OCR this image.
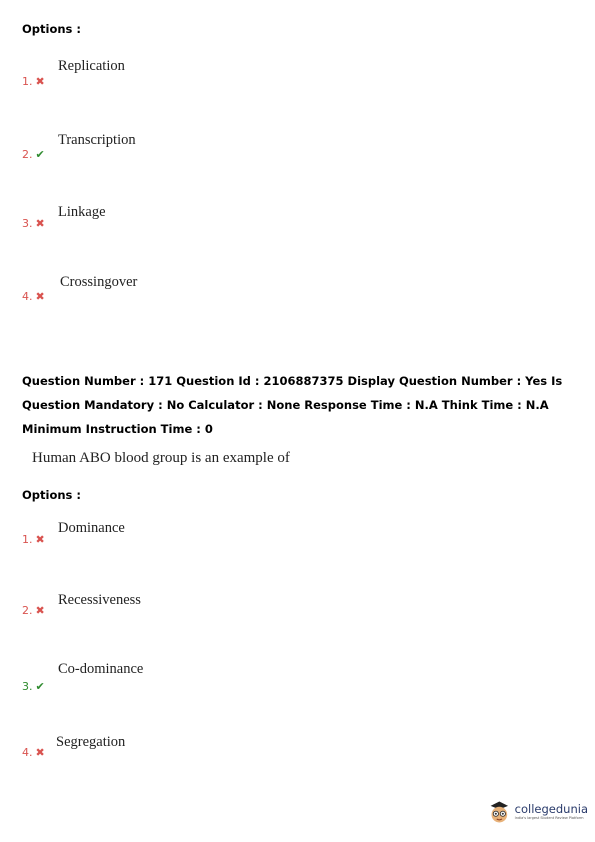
Options :
1. ✖
Replication
2. ✔
Transcription
3. ✖
Linkage
4. ✖
Crossingover
Question Number : 171 Question Id : 2106887375 Display Question Number : Yes Is Question Mandatory : No Calculator : None Response Time : N.A Think Time : N.A Minimum Instruction Time : 0
Human ABO blood group is an example of
Options :
1. ✖
Dominance
2. ✖
Recessiveness
3. ✔
Co-dominance
4. ✖
Segregation
collegedunia
India's largest Student Review Platform
